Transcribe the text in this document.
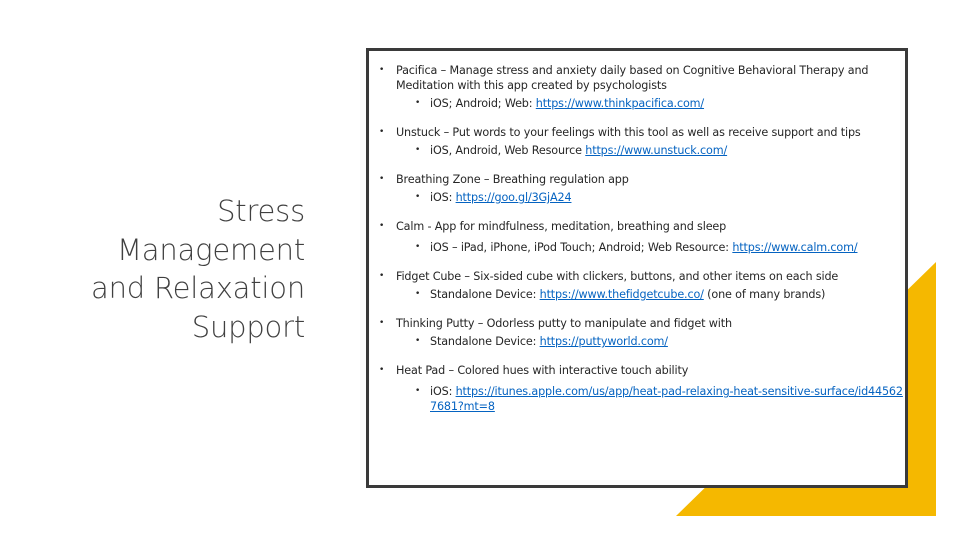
Stress
Management
and Relaxation
Support
• Pacifica – Manage stress and anxiety daily based on Cognitive Behavioral Therapy and Meditation with this app created by psychologists
• iOS; Android; Web: https://www.thinkpacifica.com/
• Unstuck – Put words to your feelings with this tool as well as receive support and tips
• iOS, Android, Web Resource https://www.unstuck.com/
• Breathing Zone – Breathing regulation app
• iOS: https://goo.gl/3GjA24
• Calm - App for mindfulness, meditation, breathing and sleep
• iOS – iPad, iPhone, iPod Touch; Android; Web Resource: https://www.calm.com/
• Fidget Cube – Six-sided cube with clickers, buttons, and other items on each side
• Standalone Device: https://www.thefidgetcube.co/ (one of many brands)
• Thinking Putty – Odorless putty to manipulate and fidget with
• Standalone Device: https://puttyworld.com/
• Heat Pad – Colored hues with interactive touch ability
• iOS: https://itunes.apple.com/us/app/heat-pad-relaxing-heat-sensitive-surface/id445627681?mt=8
